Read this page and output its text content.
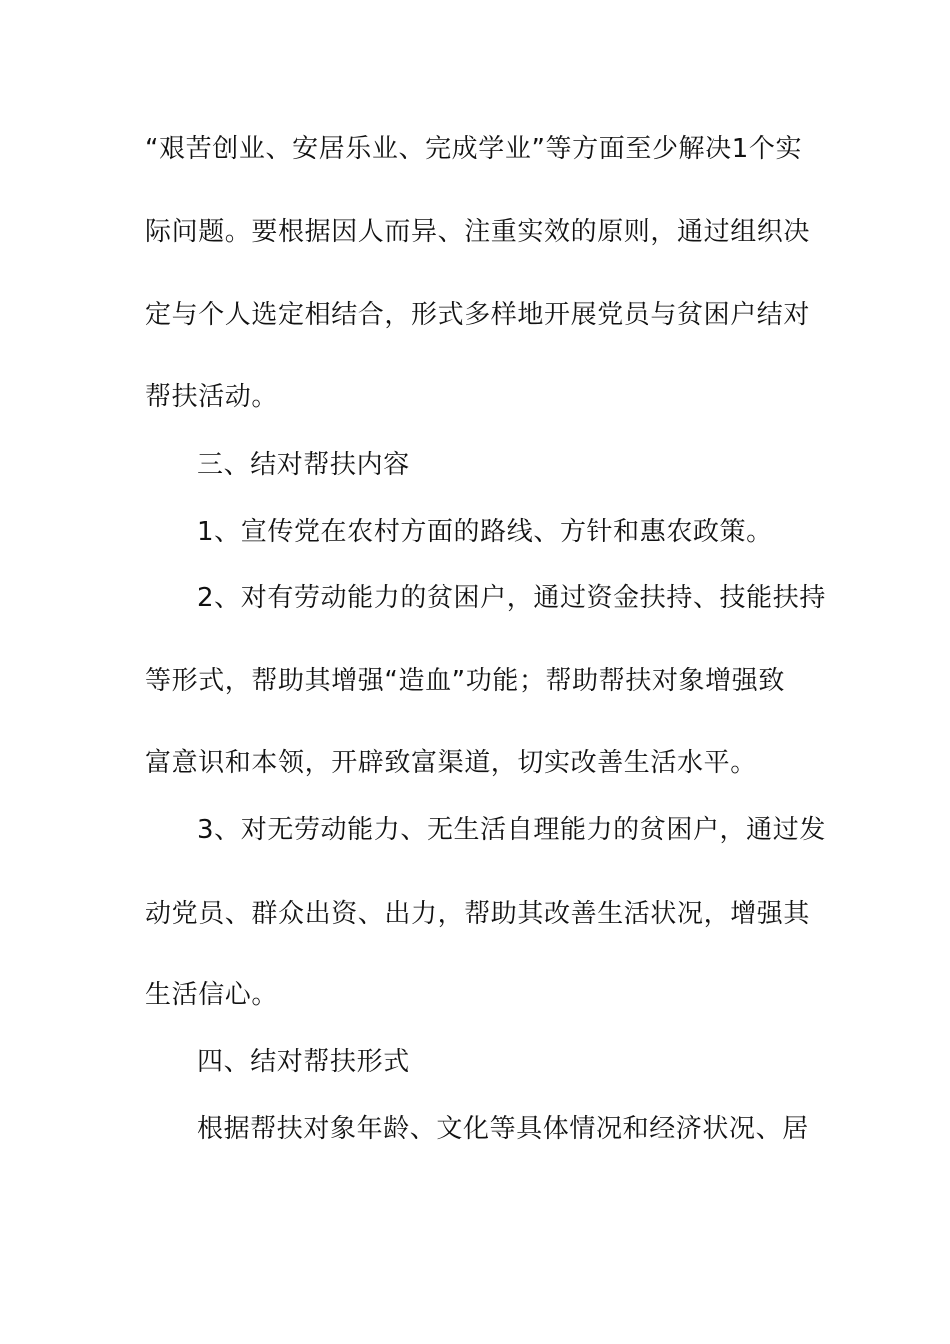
“艰苦创业、安居乐业、完成学业”等方面至少解决1个实
际问题。要根据因人而异、注重实效的原则，通过组织决
定与个人选定相结合，形式多样地开展党员与贫困户结对
帮扶活动。
三、结对帮扶内容
1、宣传党在农村方面的路线、方针和惠农政策。
2、对有劳动能力的贫困户，通过资金扶持、技能扶持
等形式，帮助其增强“造血”功能；帮助帮扶对象增强致
富意识和本领，开辟致富渠道，切实改善生活水平。
3、对无劳动能力、无生活自理能力的贫困户，通过发
动党员、群众出资、出力，帮助其改善生活状况，增强其
生活信心。
四、结对帮扶形式
根据帮扶对象年龄、文化等具体情况和经济状况、居
